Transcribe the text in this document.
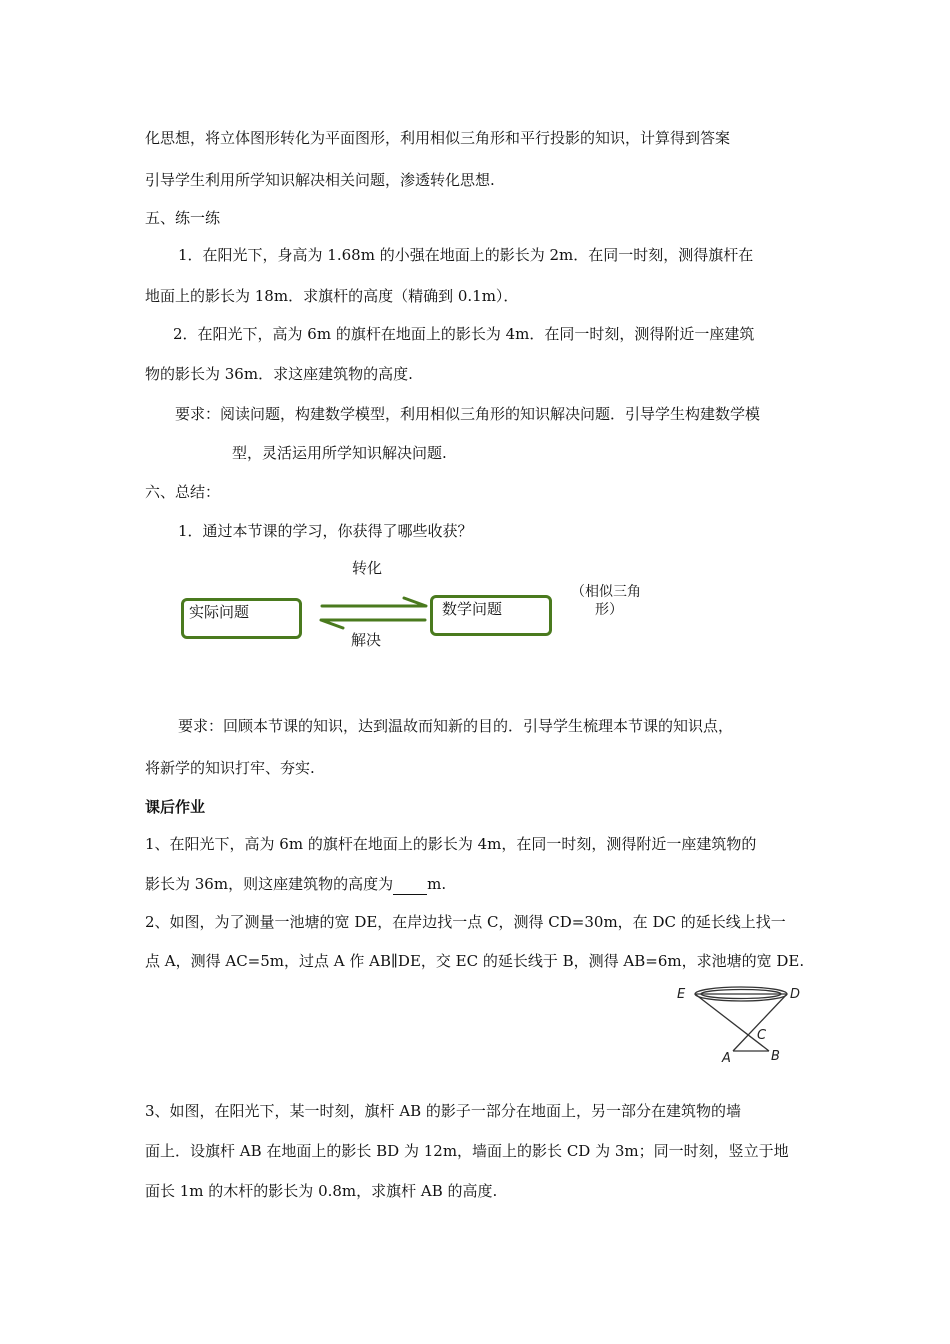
化思想，将立体图形转化为平面图形，利用相似三角形和平行投影的知识，计算得到答案
引导学生利用所学知识解决相关问题，渗透转化思想.
五、练一练
1．在阳光下，身高为 1.68m 的小强在地面上的影长为 2m．在同一时刻，测得旗杆在
地面上的影长为 18m．求旗杆的高度（精确到 0.1m）．
2．在阳光下，高为 6m 的旗杆在地面上的影长为 4m．在同一时刻，测得附近一座建筑
物的影长为 36m．求这座建筑物的高度.
要求：阅读问题，构建数学模型，利用相似三角形的知识解决问题．引导学生构建数学模
型，灵活运用所学知识解决问题.
六、总结：
1．通过本节课的学习，你获得了哪些收获？
转化
实际问题	数学问题
解决
（相似三角
形）
要求：回顾本节课的知识，达到温故而知新的目的．引导学生梳理本节课的知识点，
将新学的知识打牢、夯实.
课后作业
1、在阳光下，高为 6m 的旗杆在地面上的影长为 4m，在同一时刻，测得附近一座建筑物的
影长为 36m，则这座建筑物的高度为 m.
2、如图，为了测量一池塘的宽 DE，在岸边找一点 C，测得 CD=30m，在 DC 的延长线上找一
点 A，测得 AC=5m，过点 A 作 AB∥DE，交 EC 的延长线于 B，测得 AB=6m，求池塘的宽 DE.
E	D
C
A	B
3、如图，在阳光下，某一时刻，旗杆 AB 的影子一部分在地面上，另一部分在建筑物的墙
面上．设旗杆 AB 在地面上的影长 BD 为 12m，墙面上的影长 CD 为 3m；同一时刻，竖立于地
面长 1m 的木杆的影长为 0.8m，求旗杆 AB 的高度.
